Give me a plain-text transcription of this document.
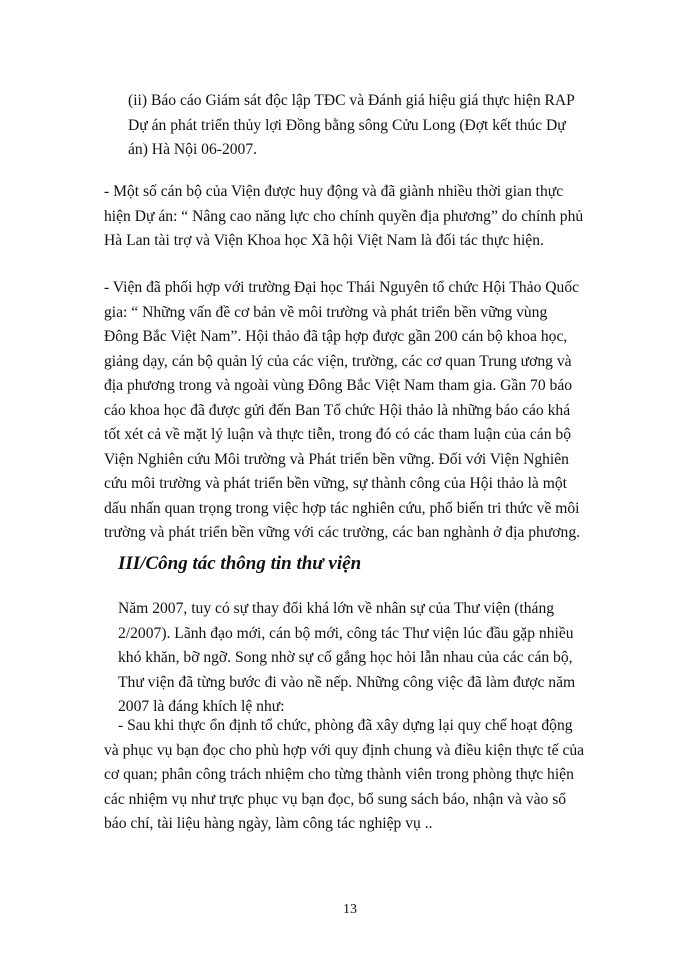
(ii) Báo cáo Giám sát độc lập TĐC và Đánh giá hiệu giá thực hiện RAP
Dự án phát triển thủy lợi Đồng bằng sông Cửu Long (Đợt kết thúc Dự
án) Hà Nội 06-2007.
- Một số cán bộ của Viện được huy động và đã giành nhiều thời gian thực
hiện Dự án: “ Nâng cao năng lực cho chính quyền địa phương” do chính phủ
Hà Lan tài trợ và Viện Khoa học Xã hội Việt Nam là đối tác thực hiện.
- Viện đã phối hợp với trường Đại học Thái Nguyên tổ chức Hội Thảo Quốc
gia: “ Những vấn đề cơ bản về môi trường và phát triển bền vững vùng
Đông Bắc Việt Nam”. Hội thảo đã tập hợp được gần 200 cán bộ khoa học,
giảng dạy, cán bộ quản lý của các viện, trường, các cơ quan Trung ương và
địa phương trong và ngoài vùng Đông Bắc Việt Nam tham gia. Gần 70 báo
cáo khoa học đã được gửi đến Ban Tổ chức Hội thảo là những báo cáo khá
tốt xét cả về mặt lý luận và thực tiễn, trong đó có các tham luận của cán bộ
Viện Nghiên cứu Môi trường và Phát triển bền vững. Đối với Viện Nghiên
cứu môi trường và phát triển bền vững, sự thành công của Hội thảo là một
dấu nhấn quan trọng trong việc hợp tác nghiên cứu, phổ biến tri thức về môi
trường và phát triển bền vững với các trường, các ban nghành ở địa phương.
III/Công tác thông tin thư viện
Năm 2007, tuy có sự thay đổi khá lớn về nhân sự của Thư viện (tháng
2/2007). Lãnh đạo mới, cán bộ mới, công tác Thư viện lúc đầu gặp nhiều
khó khăn, bỡ ngỡ. Song nhờ sự cố gắng học hỏi lẫn nhau của các cán bộ,
Thư viện đã từng bước đi vào nề nếp. Những công việc đã làm được năm
2007 là đáng khích lệ như:
- Sau khi thực ổn định tổ chức, phòng đã xây dựng lại quy chế hoạt động
và phục vụ bạn đọc cho phù hợp với quy định chung và điều kiện thực tế của
cơ quan; phân công trách nhiệm cho từng thành viên trong phòng thực hiện
các nhiệm vụ như trực phục vụ bạn đọc, bổ sung sách báo, nhận và vào sổ
báo chí, tài liệu hàng ngày, làm công tác nghiệp vụ ..
13
